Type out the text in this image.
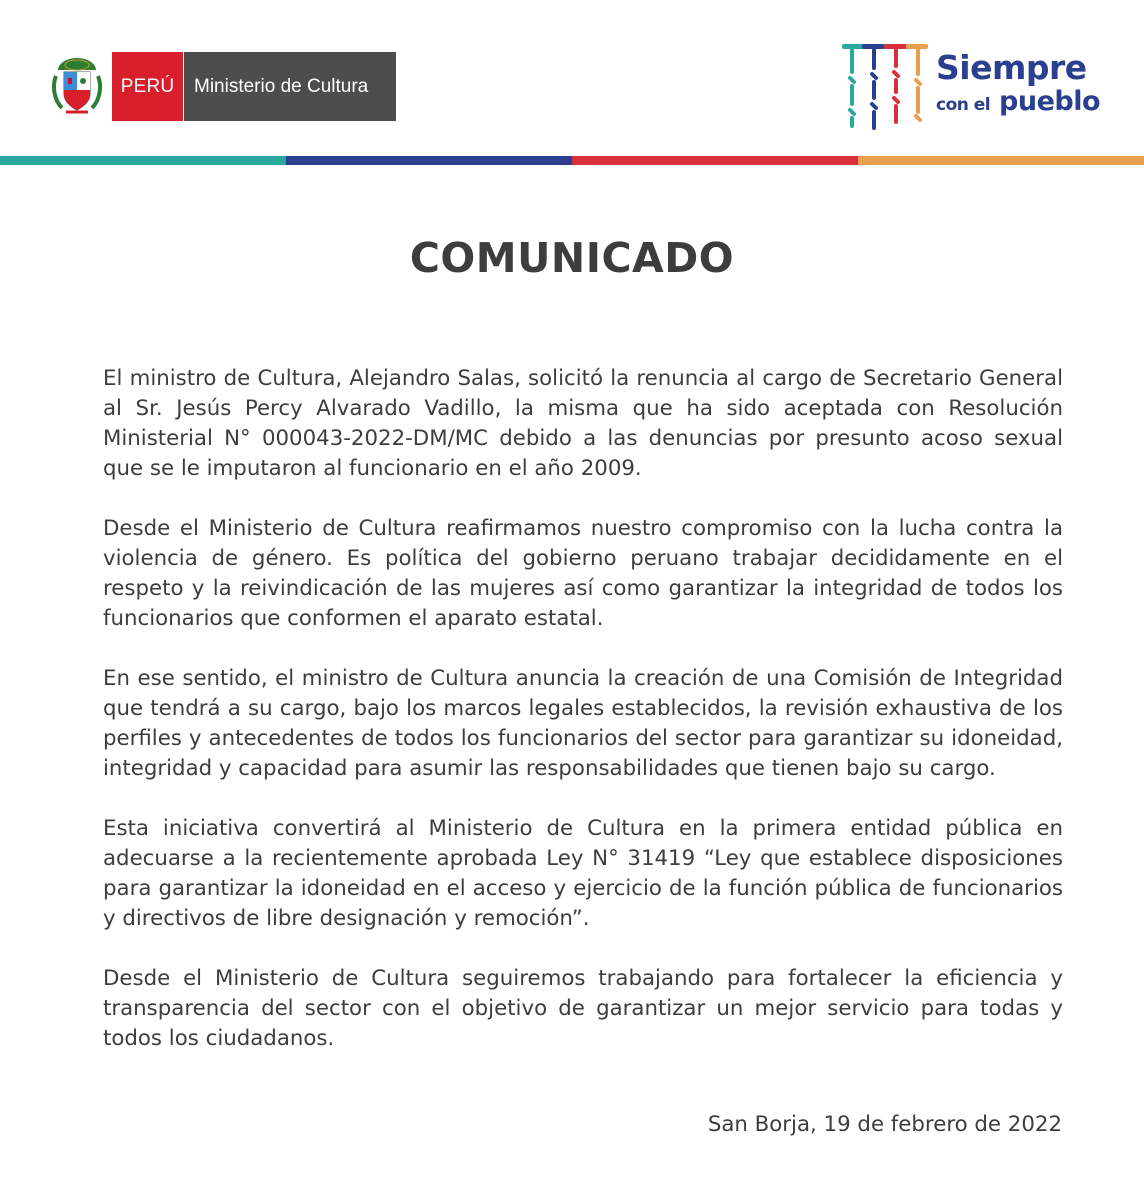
PERÚ	Ministerio de Cultura	Siempre
con el pueblo
COMUNICADO

El ministro de Cultura, Alejandro Salas, solicitó la renuncia al cargo de Secretario General al Sr. Jesús Percy Alvarado Vadillo, la misma que ha sido aceptada con Resolución Ministerial N° 000043-2022-DM/MC debido a las denuncias por presunto acoso sexual que se le imputaron al funcionario en el año 2009.

Desde el Ministerio de Cultura reafirmamos nuestro compromiso con la lucha contra la violencia de género. Es política del gobierno peruano trabajar decididamente en el respeto y la reivindicación de las mujeres así como garantizar la integridad de todos los funcionarios que conformen el aparato estatal.

En ese sentido, el ministro de Cultura anuncia la creación de una Comisión de Integridad que tendrá a su cargo, bajo los marcos legales establecidos, la revisión exhaustiva de los perfiles y antecedentes de todos los funcionarios del sector para garantizar su idoneidad, integridad y capacidad para asumir las responsabilidades que tienen bajo su cargo.

Esta iniciativa convertirá al Ministerio de Cultura en la primera entidad pública en adecuarse a la recientemente aprobada Ley N° 31419 “Ley que establece disposiciones para garantizar la idoneidad en el acceso y ejercicio de la función pública de funcionarios y directivos de libre designación y remoción”.

Desde el Ministerio de Cultura seguiremos trabajando para fortalecer la eficiencia y transparencia del sector con el objetivo de garantizar un mejor servicio para todas y todos los ciudadanos.

San Borja, 19 de febrero de 2022
